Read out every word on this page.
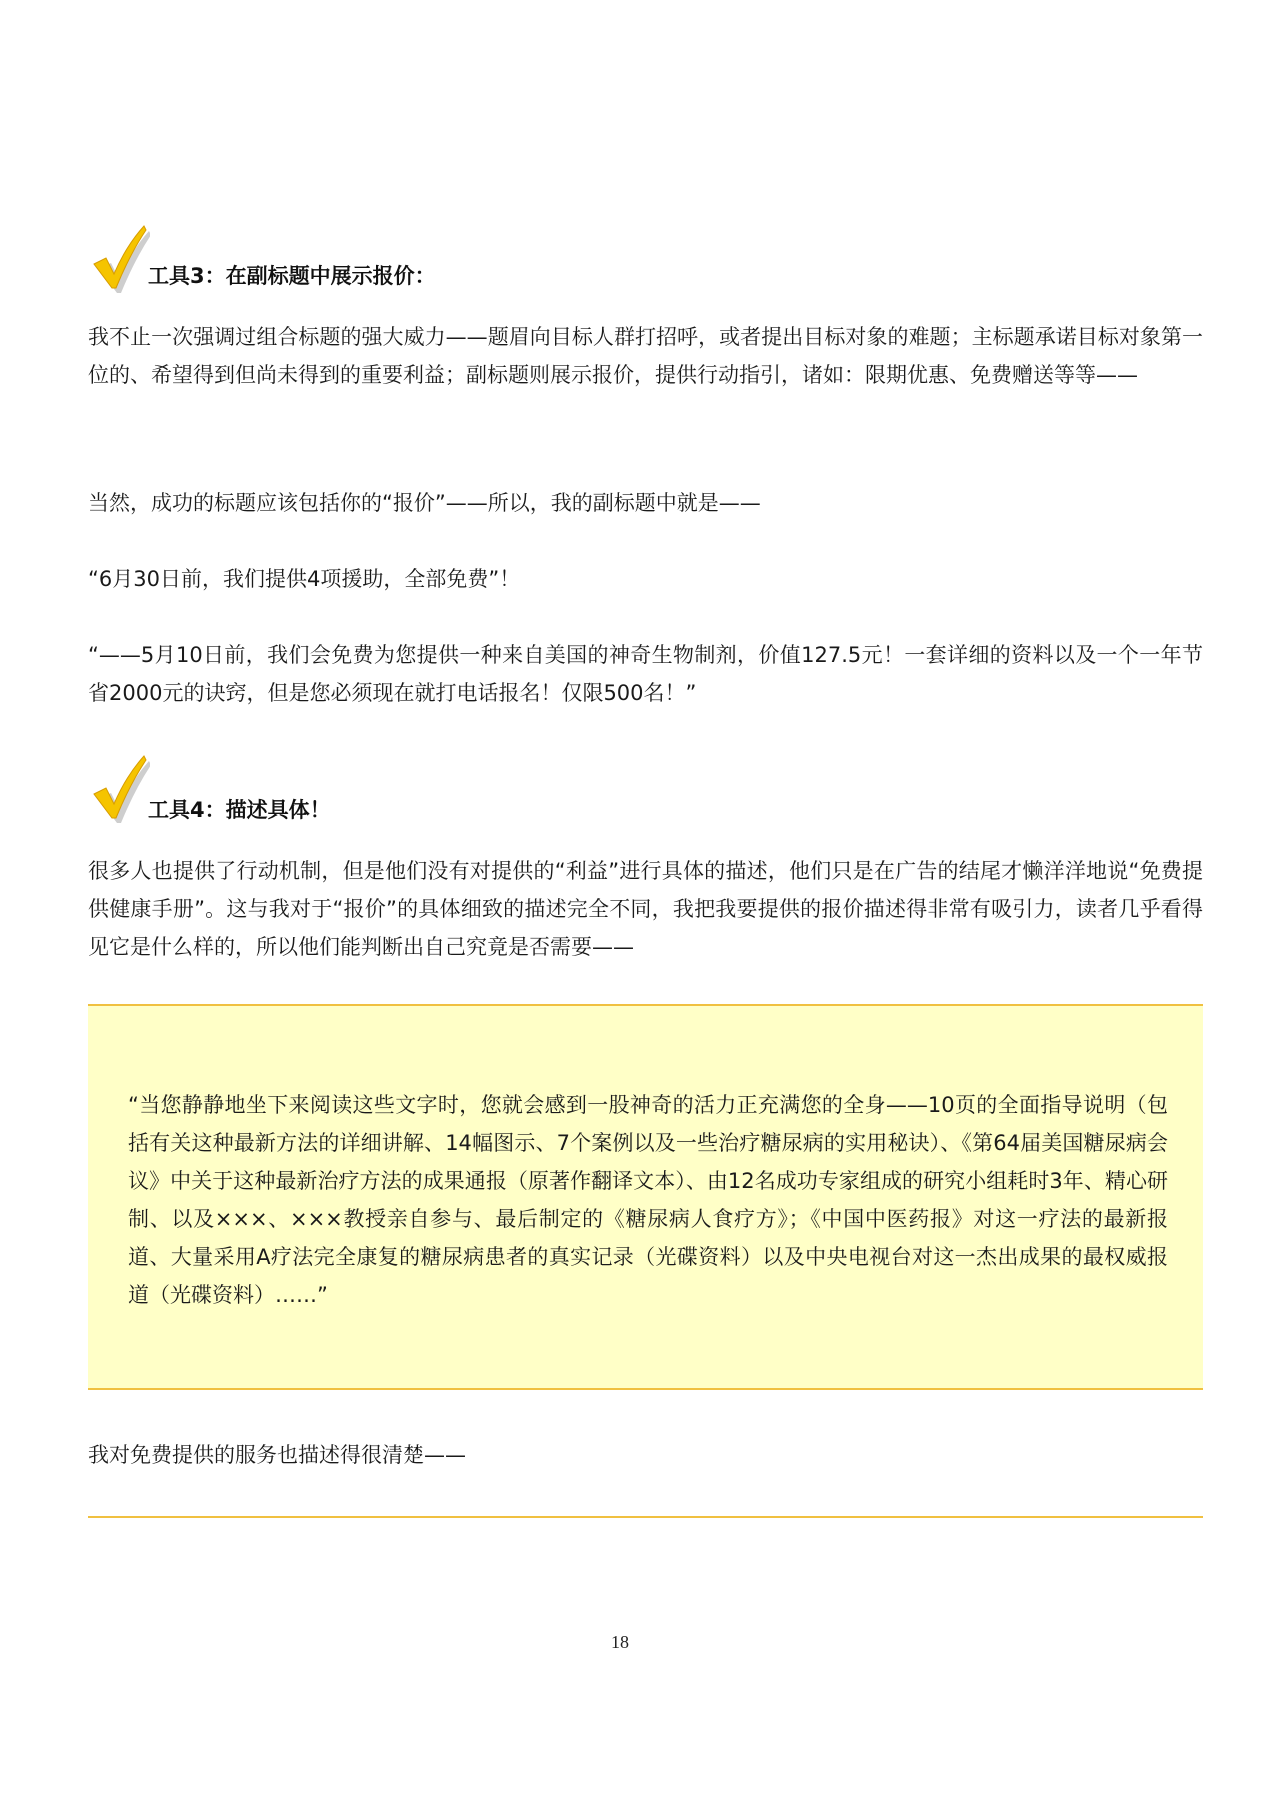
工具3：在副标题中展示报价：

我不止一次强调过组合标题的强大威力——题眉向目标人群打招呼，或者提出目标对象的难题；主标题承诺目标对象第一位的、希望得到但尚未得到的重要利益；副标题则展示报价，提供行动指引，诸如：限期优惠、免费赠送等等——

当然，成功的标题应该包括你的“报价”——所以，我的副标题中就是——

“6月30日前，我们提供4项援助，全部免费”！

“——5月10日前，我们会免费为您提供一种来自美国的神奇生物制剂，价值127.5元！一套详细的资料以及一个一年节省2000元的诀窍，但是您必须现在就打电话报名！仅限500名！”

工具4：描述具体！

很多人也提供了行动机制，但是他们没有对提供的“利益”进行具体的描述，他们只是在广告的结尾才懒洋洋地说“免费提供健康手册”。这与我对于“报价”的具体细致的描述完全不同，我把我要提供的报价描述得非常有吸引力，读者几乎看得见它是什么样的，所以他们能判断出自己究竟是否需要——

“当您静静地坐下来阅读这些文字时，您就会感到一股神奇的活力正充满您的全身——10页的全面指导说明（包括有关这种最新方法的详细讲解、14幅图示、7个案例以及一些治疗糖尿病的实用秘诀）、《第64届美国糖尿病会议》中关于这种最新治疗方法的成果通报（原著作翻译文本）、由12名成功专家组成的研究小组耗时3年、精心研制、以及×××、×××教授亲自参与、最后制定的《糖尿病人食疗方》；《中国中医药报》对这一疗法的最新报道、大量采用A疗法完全康复的糖尿病患者的真实记录（光碟资料）以及中央电视台对这一杰出成果的最权威报道（光碟资料）……”

我对免费提供的服务也描述得很清楚——

18
